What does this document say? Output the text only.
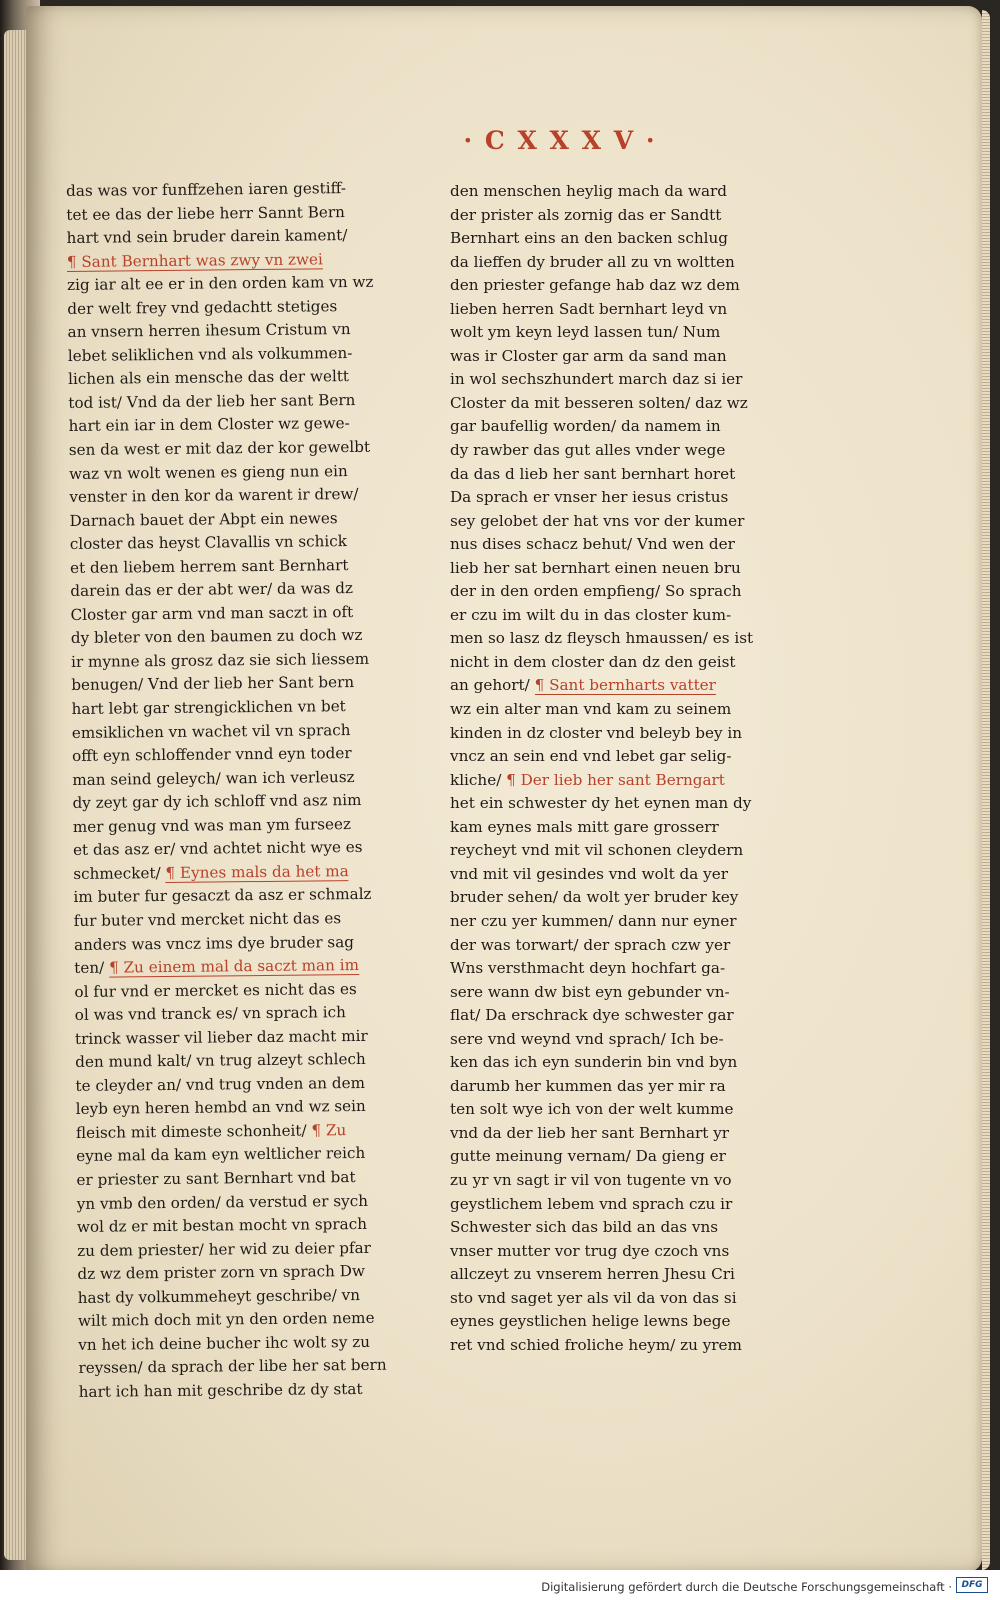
· C X X X V ·
das was vor funffzehen iaren gestiff-
tet ee das der liebe herr Sannt Bern
hart vnd sein bruder darein kament/
¶ Sant Bernhart was zwy vn zwei
zig iar alt ee er in den orden kam vn wz
der welt frey vnd gedachtt stetiges
an vnsern herren ihesum Cristum vn
lebet seliklichen vnd als volkummen-
lichen als ein mensche das der weltt
tod ist/ Vnd da der lieb her sant Bern
hart ein iar in dem Closter wz gewe-
sen da west er mit daz der kor gewelbt
waz vn wolt wenen es gieng nun ein
venster in den kor da warent ir drew/
Darnach bauet der Abpt ein newes
closter das heyst Clavallis vn schick
et den liebem herrem sant Bernhart
darein das er der abt wer/ da was dz
Closter gar arm vnd man saczt in oft
dy bleter von den baumen zu doch wz
ir mynne als grosz daz sie sich liessem
benugen/ Vnd der lieb her Sant bern
hart lebt gar strengicklichen vn bet
emsiklichen vn wachet vil vn sprach
offt eyn schloffender vnnd eyn toder
man seind geleych/ wan ich verleusz
dy zeyt gar dy ich schloff vnd asz nim
mer genug vnd was man ym furseez
et das asz er/ vnd achtet nicht wye es
schmecket/ ¶ Eynes mals da het ma
im buter fur gesaczt da asz er schmalz
fur buter vnd mercket nicht das es
anders was vncz ims dye bruder sag
ten/ ¶ Zu einem mal da saczt man im
ol fur vnd er mercket es nicht das es
ol was vnd tranck es/ vn sprach ich
trinck wasser vil lieber daz macht mir
den mund kalt/ vn trug alzeyt schlech
te cleyder an/ vnd trug vnden an dem
leyb eyn heren hembd an vnd wz sein
fleisch mit dimeste schonheit/ ¶ Zu
eyne mal da kam eyn weltlicher reich
er priester zu sant Bernhart vnd bat
yn vmb den orden/ da verstud er sych
wol dz er mit bestan mocht vn sprach
zu dem priester/ her wid zu deier pfar
dz wz dem prister zorn vn sprach Dw
hast dy volkummeheyt geschribe/ vn
wilt mich doch mit yn den orden neme
vn het ich deine bucher ihc wolt sy zu
reyssen/ da sprach der libe her sat bern
hart ich han mit geschribe dz dy stat
den menschen heylig mach da ward
der prister als zornig das er Sandtt
Bernhart eins an den backen schlug
da lieffen dy bruder all zu vn woltten
den priester gefange hab daz wz dem
lieben herren Sadt bernhart leyd vn
wolt ym keyn leyd lassen tun/ Num
was ir Closter gar arm da sand man
in wol sechszhundert march daz si ier
Closter da mit besseren solten/ daz wz
gar baufellig worden/ da namem in
dy rawber das gut alles vnder wege
da das d lieb her sant bernhart horet
Da sprach er vnser her iesus cristus
sey gelobet der hat vns vor der kumer
nus dises schacz behut/ Vnd wen der
lieb her sat bernhart einen neuen bru
der in den orden empfieng/ So sprach
er czu im wilt du in das closter kum-
men so lasz dz fleysch hmaussen/ es ist
nicht in dem closter dan dz den geist
an gehort/ ¶ Sant bernharts vatter
wz ein alter man vnd kam zu seinem
kinden in dz closter vnd beleyb bey in
vncz an sein end vnd lebet gar selig-
kliche/ ¶ Der lieb her sant Berngart
het ein schwester dy het eynen man dy
kam eynes mals mitt gare grosserr
reycheyt vnd mit vil schonen cleydern
vnd mit vil gesindes vnd wolt da yer
bruder sehen/ da wolt yer bruder key
ner czu yer kummen/ dann nur eyner
der was torwart/ der sprach czw yer
Wns versthmacht deyn hochfart ga-
sere wann dw bist eyn gebunder vn-
flat/ Da erschrack dye schwester gar
sere vnd weynd vnd sprach/ Ich be-
ken das ich eyn sunderin bin vnd byn
darumb her kummen das yer mir ra
ten solt wye ich von der welt kumme
vnd da der lieb her sant Bernhart yr
gutte meinung vernam/ Da gieng er
zu yr vn sagt ir vil von tugente vn vo
geystlichem lebem vnd sprach czu ir
Schwester sich das bild an das vns
vnser mutter vor trug dye czoch vns
allczeyt zu vnserem herren Jhesu Cri
sto vnd saget yer als vil da von das si
eynes geystlichen helige lewns bege
ret vnd schied froliche heym/ zu yrem
Digitalisierung gefördert durch die Deutsche Forschungsgemeinschaft ·	DFG
